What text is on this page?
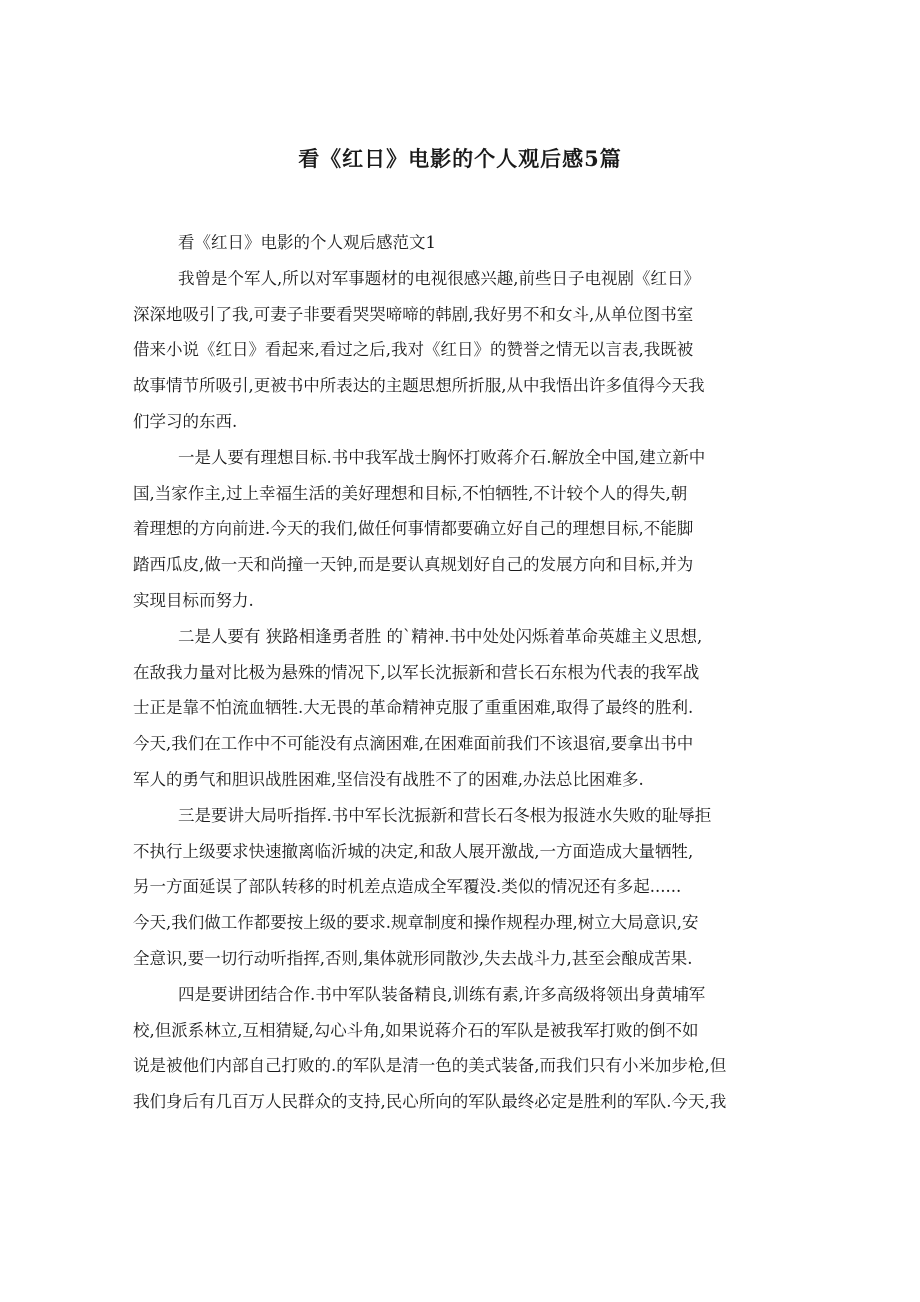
看《红日》电影的个人观后感5篇
看《红日》电影的个人观后感范文1
我曾是个军人,所以对军事题材的电视很感兴趣,前些日子电视剧《红日》
深深地吸引了我,可妻子非要看哭哭啼啼的韩剧,我好男不和女斗,从单位图书室
借来小说《红日》看起来,看过之后,我对《红日》的赞誉之情无以言表,我既被
故事情节所吸引,更被书中所表达的主题思想所折服,从中我悟出许多值得今天我
们学习的东西.
一是人要有理想目标.书中我军战士胸怀打败蒋介石.解放全中国,建立新中
国,当家作主,过上幸福生活的美好理想和目标,不怕牺牲,不计较个人的得失,朝
着理想的方向前进.今天的我们,做任何事情都要确立好自己的理想目标,不能脚
踏西瓜皮,做一天和尚撞一天钟,而是要认真规划好自己的发展方向和目标,并为
实现目标而努力.
二是人要有 狭路相逢勇者胜 的`精神.书中处处闪烁着革命英雄主义思想,
在敌我力量对比极为悬殊的情况下,以军长沈振新和营长石东根为代表的我军战
士正是靠不怕流血牺牲.大无畏的革命精神克服了重重困难,取得了最终的胜利.
今天,我们在工作中不可能没有点滴困难,在困难面前我们不该退宿,要拿出书中
军人的勇气和胆识战胜困难,坚信没有战胜不了的困难,办法总比困难多.
三是要讲大局听指挥.书中军长沈振新和营长石冬根为报涟水失败的耻辱拒
不执行上级要求快速撤离临沂城的决定,和敌人展开激战,一方面造成大量牺牲,
另一方面延误了部队转移的时机差点造成全军覆没.类似的情况还有多起......
今天,我们做工作都要按上级的要求.规章制度和操作规程办理,树立大局意识,安
全意识,要一切行动听指挥,否则,集体就形同散沙,失去战斗力,甚至会酿成苦果.
四是要讲团结合作.书中军队装备精良,训练有素,许多高级将领出身黄埔军
校,但派系林立,互相猜疑,勾心斗角,如果说蒋介石的军队是被我军打败的倒不如
说是被他们内部自己打败的.的军队是清一色的美式装备,而我们只有小米加步枪,但
我们身后有几百万人民群众的支持,民心所向的军队最终必定是胜利的军队.今天,我
